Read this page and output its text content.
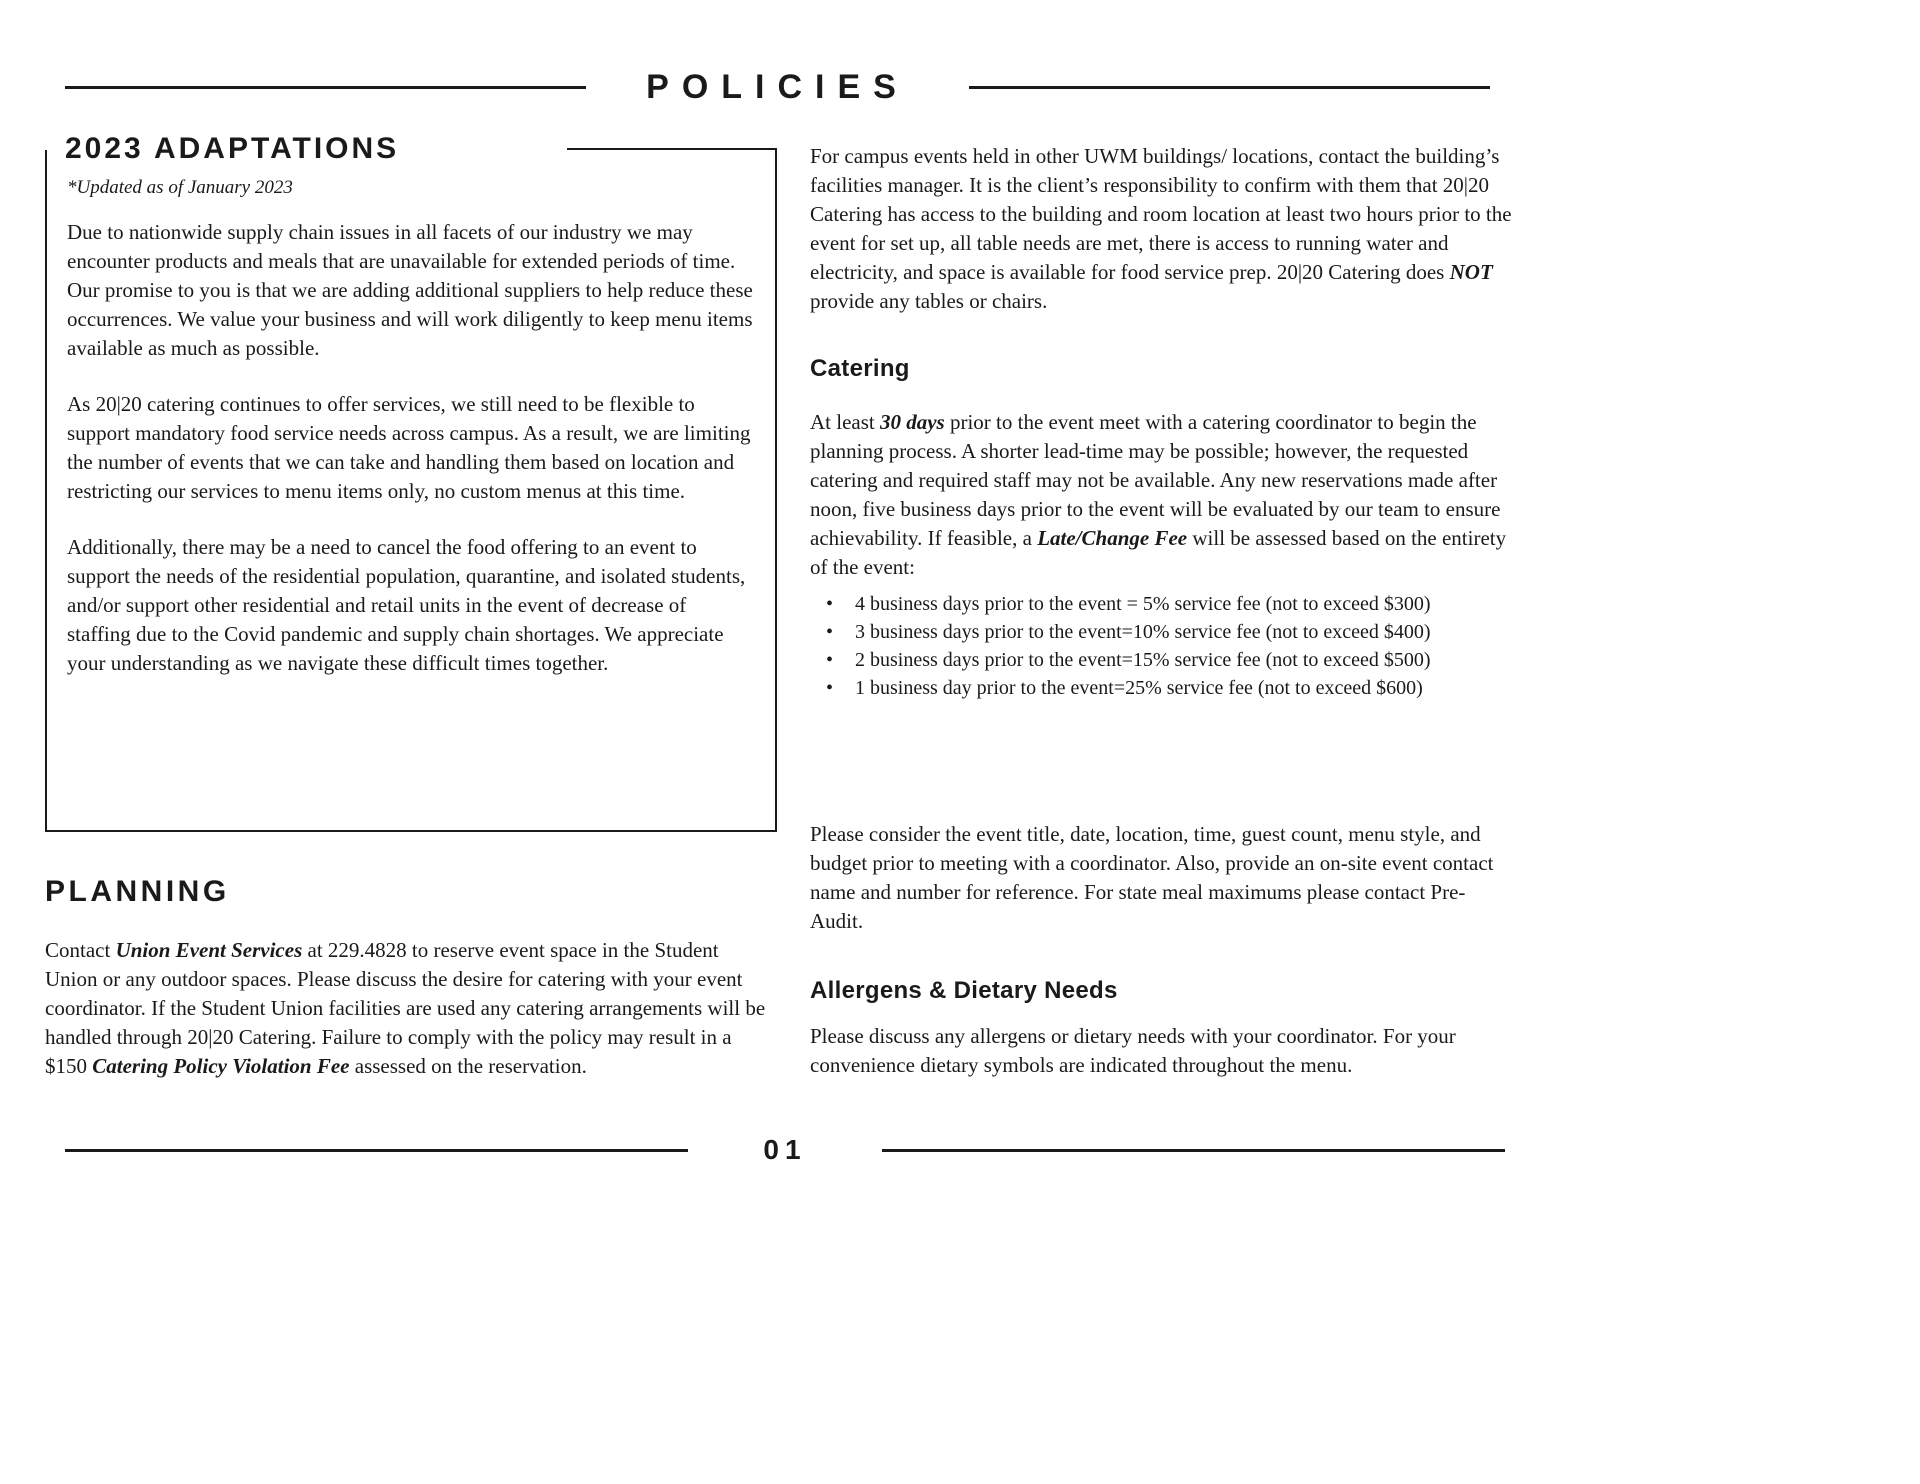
POLICIES
2023 ADAPTATIONS

*Updated as of January 2023

Due to nationwide supply chain issues in all facets of our industry we may encounter products and meals that are unavailable for extended periods of time. Our promise to you is that we are adding additional suppliers to help reduce these occurrences. We value your business and will work diligently to keep menu items available as much as possible.

As 20|20 catering continues to offer services, we still need to be flexible to support mandatory food service needs across campus. As a result, we are limiting the number of events that we can take and handling them based on location and restricting our services to menu items only, no custom menus at this time.

Additionally, there may be a need to cancel the food offering to an event to support the needs of the residential population, quarantine, and isolated students, and/or support other residential and retail units in the event of decrease of staffing due to the Covid pandemic and supply chain shortages. We appreciate your understanding as we navigate these difficult times together.

PLANNING

Contact Union Event Services at 229.4828 to reserve event space in the Student Union or any outdoor spaces. Please discuss the desire for catering with your event coordinator. If the Student Union facilities are used any catering arrangements will be handled through 20|20 Catering. Failure to comply with the policy may result in a $150 Catering Policy Violation Fee assessed on the reservation.

For campus events held in other UWM buildings/ locations, contact the building’s facilities manager. It is the client’s responsibility to confirm with them that 20|20 Catering has access to the building and room location at least two hours prior to the event for set up, all table needs are met, there is access to running water and electricity, and space is available for food service prep. 20|20 Catering does NOT provide any tables or chairs.

Catering

At least 30 days prior to the event meet with a catering coordinator to begin the planning process. A shorter lead-time may be possible; however, the requested catering and required staff may not be available. Any new reservations made after noon, five business days prior to the event will be evaluated by our team to ensure achievability. If feasible, a Late/Change Fee will be assessed based on the entirety of the event:

• 4 business days prior to the event = 5% service fee (not to exceed $300)
• 3 business days prior to the event=10% service fee (not to exceed $400)
• 2 business days prior to the event=15% service fee (not to exceed $500)
• 1 business day prior to the event=25% service fee (not to exceed $600)

Please consider the event title, date, location, time, guest count, menu style, and budget prior to meeting with a coordinator. Also, provide an on-site event contact name and number for reference. For state meal maximums please contact Pre-Audit.

Allergens & Dietary Needs

Please discuss any allergens or dietary needs with your coordinator. For your convenience dietary symbols are indicated throughout the menu.

01
